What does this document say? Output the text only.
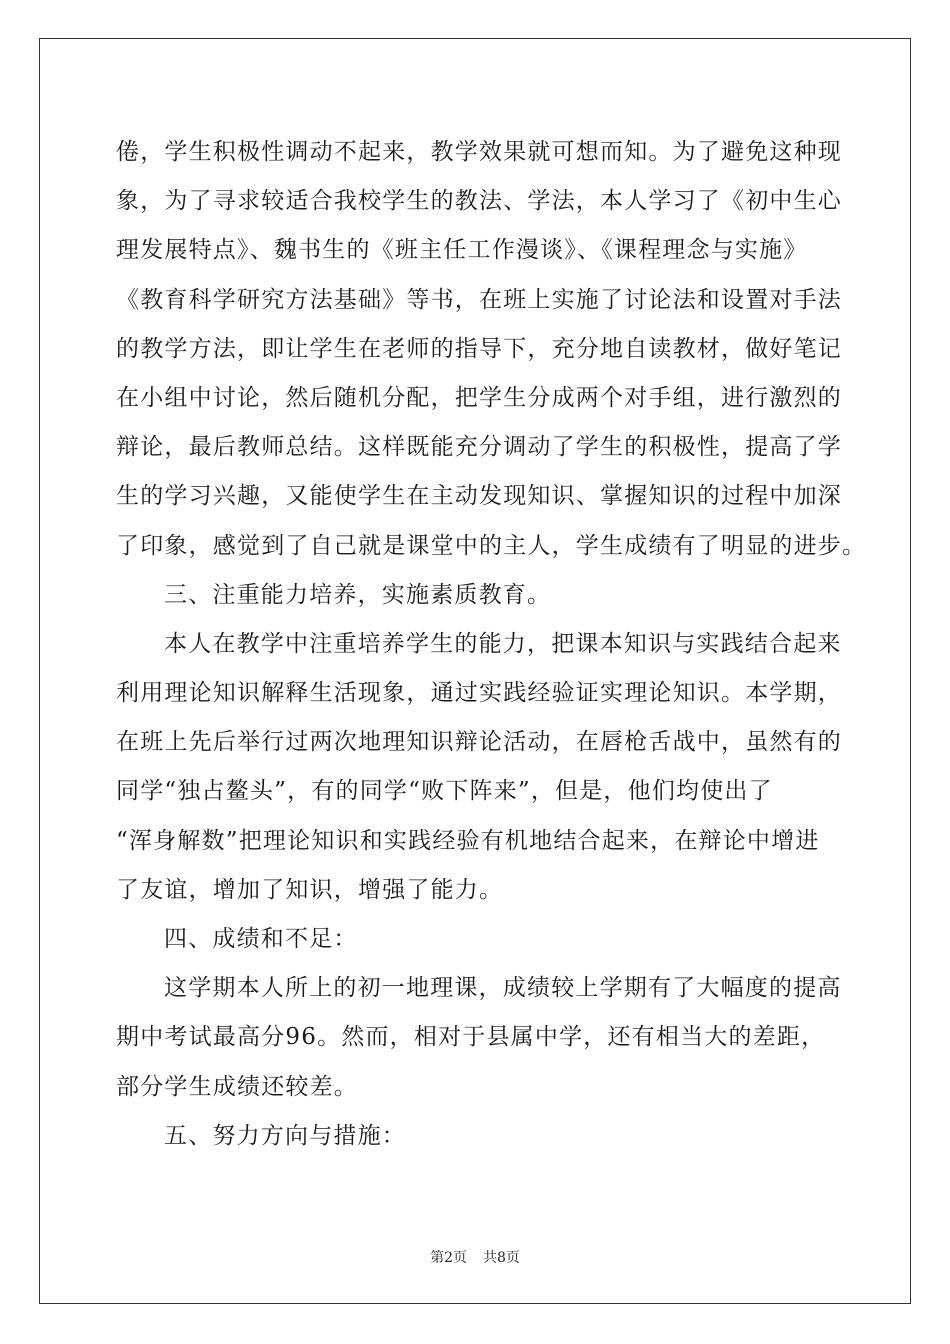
倦，学生积极性调动不起来，教学效果就可想而知。为了避免这种现
象，为了寻求较适合我校学生的教法、学法，本人学习了《初中生心
理发展特点》、魏书生的《班主任工作漫谈》、《课程理念与实施》
《教育科学研究方法基础》等书，在班上实施了讨论法和设置对手法
的教学方法，即让学生在老师的指导下，充分地自读教材，做好笔记
在小组中讨论，然后随机分配，把学生分成两个对手组，进行激烈的
辩论，最后教师总结。这样既能充分调动了学生的积极性，提高了学
生的学习兴趣，又能使学生在主动发现知识、掌握知识的过程中加深
了印象，感觉到了自己就是课堂中的主人，学生成绩有了明显的进步。
三、注重能力培养，实施素质教育。
本人在教学中注重培养学生的能力，把课本知识与实践结合起来
利用理论知识解释生活现象，通过实践经验证实理论知识。本学期，
在班上先后举行过两次地理知识辩论活动，在唇枪舌战中，虽然有的
同学“独占鳌头”，有的同学“败下阵来”，但是，他们均使出了
“浑身解数”把理论知识和实践经验有机地结合起来，在辩论中增进
了友谊，增加了知识，增强了能力。
四、成绩和不足：
这学期本人所上的初一地理课，成绩较上学期有了大幅度的提高
期中考试最高分96。然而，相对于县属中学，还有相当大的差距，
部分学生成绩还较差。
五、努力方向与措施：
第2页 共8页
